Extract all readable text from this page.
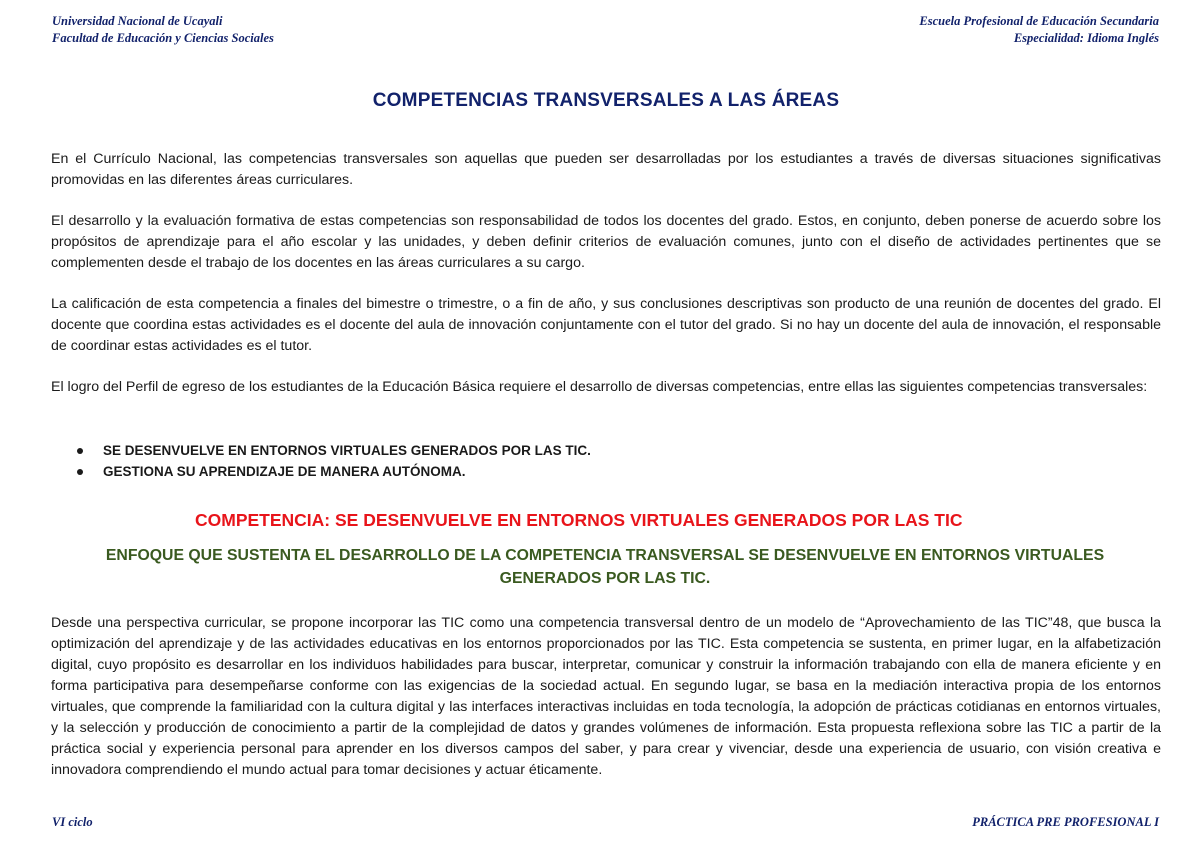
Universidad Nacional de Ucayali
Facultad de Educación y Ciencias Sociales
Escuela Profesional de Educación Secundaria
Especialidad: Idioma Inglés
COMPETENCIAS TRANSVERSALES A LAS ÁREAS

En el Currículo Nacional, las competencias transversales son aquellas que pueden ser desarrolladas por los estudiantes a través de diversas situaciones significativas promovidas en las diferentes áreas curriculares.

El desarrollo y la evaluación formativa de estas competencias son responsabilidad de todos los docentes del grado. Estos, en conjunto, deben ponerse de acuerdo sobre los propósitos de aprendizaje para el año escolar y las unidades, y deben definir criterios de evaluación comunes, junto con el diseño de actividades pertinentes que se complementen desde el trabajo de los docentes en las áreas curriculares a su cargo.

La calificación de esta competencia a finales del bimestre o trimestre, o a fin de año, y sus conclusiones descriptivas son producto de una reunión de docentes del grado. El docente que coordina estas actividades es el docente del aula de innovación conjuntamente con el tutor del grado. Si no hay un docente del aula de innovación, el responsable de coordinar estas actividades es el tutor.

El logro del Perfil de egreso de los estudiantes de la Educación Básica requiere el desarrollo de diversas competencias, entre ellas las siguientes competencias transversales:

SE DESENVUELVE EN ENTORNOS VIRTUALES GENERADOS POR LAS TIC.
GESTIONA SU APRENDIZAJE DE MANERA AUTÓNOMA.
COMPETENCIA: SE DESENVUELVE EN ENTORNOS VIRTUALES GENERADOS POR LAS TIC
ENFOQUE QUE SUSTENTA EL DESARROLLO DE LA COMPETENCIA TRANSVERSAL SE DESENVUELVE EN ENTORNOS VIRTUALES GENERADOS POR LAS TIC.

Desde una perspectiva curricular, se propone incorporar las TIC como una competencia transversal dentro de un modelo de “Aprovechamiento de las TIC”48, que busca la optimización del aprendizaje y de las actividades educativas en los entornos proporcionados por las TIC. Esta competencia se sustenta, en primer lugar, en la alfabetización digital, cuyo propósito es desarrollar en los individuos habilidades para buscar, interpretar, comunicar y construir la información trabajando con ella de manera eficiente y en forma participativa para desempeñarse conforme con las exigencias de la sociedad actual. En segundo lugar, se basa en la mediación interactiva propia de los entornos virtuales, que comprende la familiaridad con la cultura digital y las interfaces interactivas incluidas en toda tecnología, la adopción de prácticas cotidianas en entornos virtuales, y la selección y producción de conocimiento a partir de la complejidad de datos y grandes volúmenes de información. Esta propuesta reflexiona sobre las TIC a partir de la práctica social y experiencia personal para aprender en los diversos campos del saber, y para crear y vivenciar, desde una experiencia de usuario, con visión creativa e innovadora comprendiendo el mundo actual para tomar decisiones y actuar éticamente.

VI ciclo	PRÁCTICA PRE PROFESIONAL I
